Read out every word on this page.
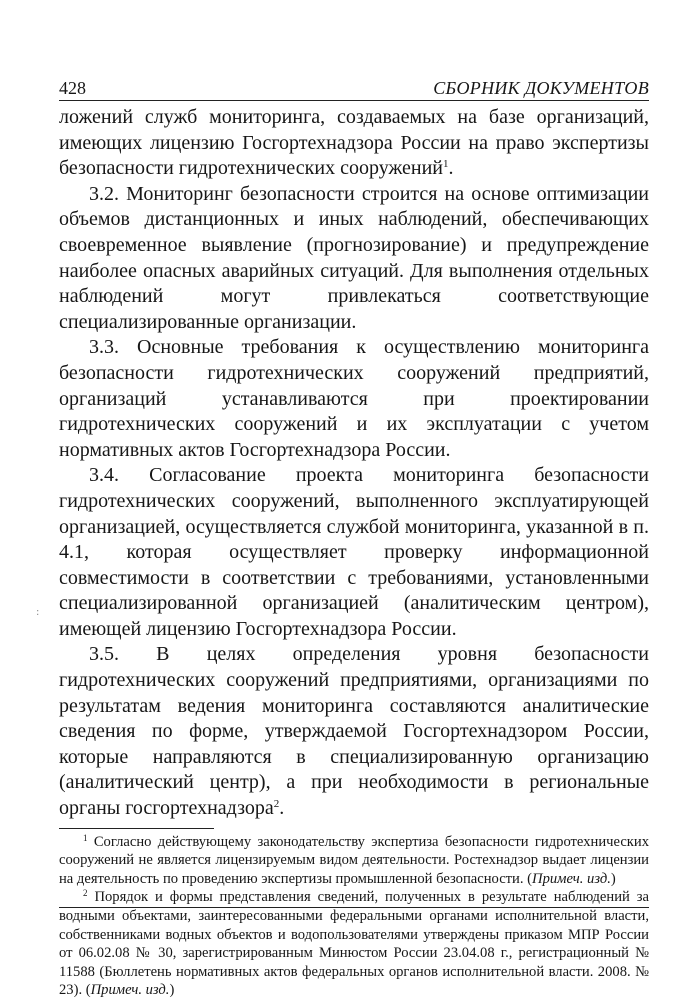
428	СБОРНИК ДОКУМЕНТОВ

ложений служб мониторинга, создаваемых на базе организаций, имеющих лицензию Госгортехнадзора России на право экспертизы безопасности гидротехнических сооружений$^1$.

3.2. Мониторинг безопасности строится на основе оптимизации объемов дистанционных и иных наблюдений, обеспечивающих своевременное выявление (прогнозирование) и предупреждение наиболее опасных аварийных ситуаций. Для выполнения отдельных наблюдений могут привлекаться соответствующие специализированные организации.

3.3. Основные требования к осуществлению мониторинга безопасности гидротехнических сооружений предприятий, организаций устанавливаются при проектировании гидротехнических сооружений и их эксплуатации с учетом нормативных актов Госгортехнадзора России.

3.4. Согласование проекта мониторинга безопасности гидротехнических сооружений, выполненного эксплуатирующей организацией, осуществляется службой мониторинга, указанной в п. 4.1, которая осуществляет проверку информационной совместимости в соответствии с требованиями, установленными специализированной организацией (аналитическим центром), имеющей лицензию Госгортехнадзора России.

3.5. В целях определения уровня безопасности гидротехнических сооружений предприятиями, организациями по результатам ведения мониторинга составляются аналитические сведения по форме, утверждаемой Госгортехнадзором России, которые направляются в специализированную организацию (аналитический центр), а при необходимости в региональные органы госгортехнадзора$^2$.

$^1$ Согласно действующему законодательству экспертиза безопасности гидротехнических сооружений не является лицензируемым видом деятельности. Ростехнадзор выдает лицензии на деятельность по проведению экспертизы промышленной безопасности. (Примеч. изд.)

$^2$ Порядок и формы представления сведений, полученных в результате наблюдений за водными объектами, заинтересованными федеральными органами исполнительной власти, собственниками водных объектов и водопользователями утверждены приказом МПР России от 06.02.08 № 30, зарегистрированным Минюстом России 23.04.08 г., регистрационный № 11588 (Бюллетень нормативных актов федеральных органов исполнительной власти. 2008. № 23). (Примеч. изд.)

:
